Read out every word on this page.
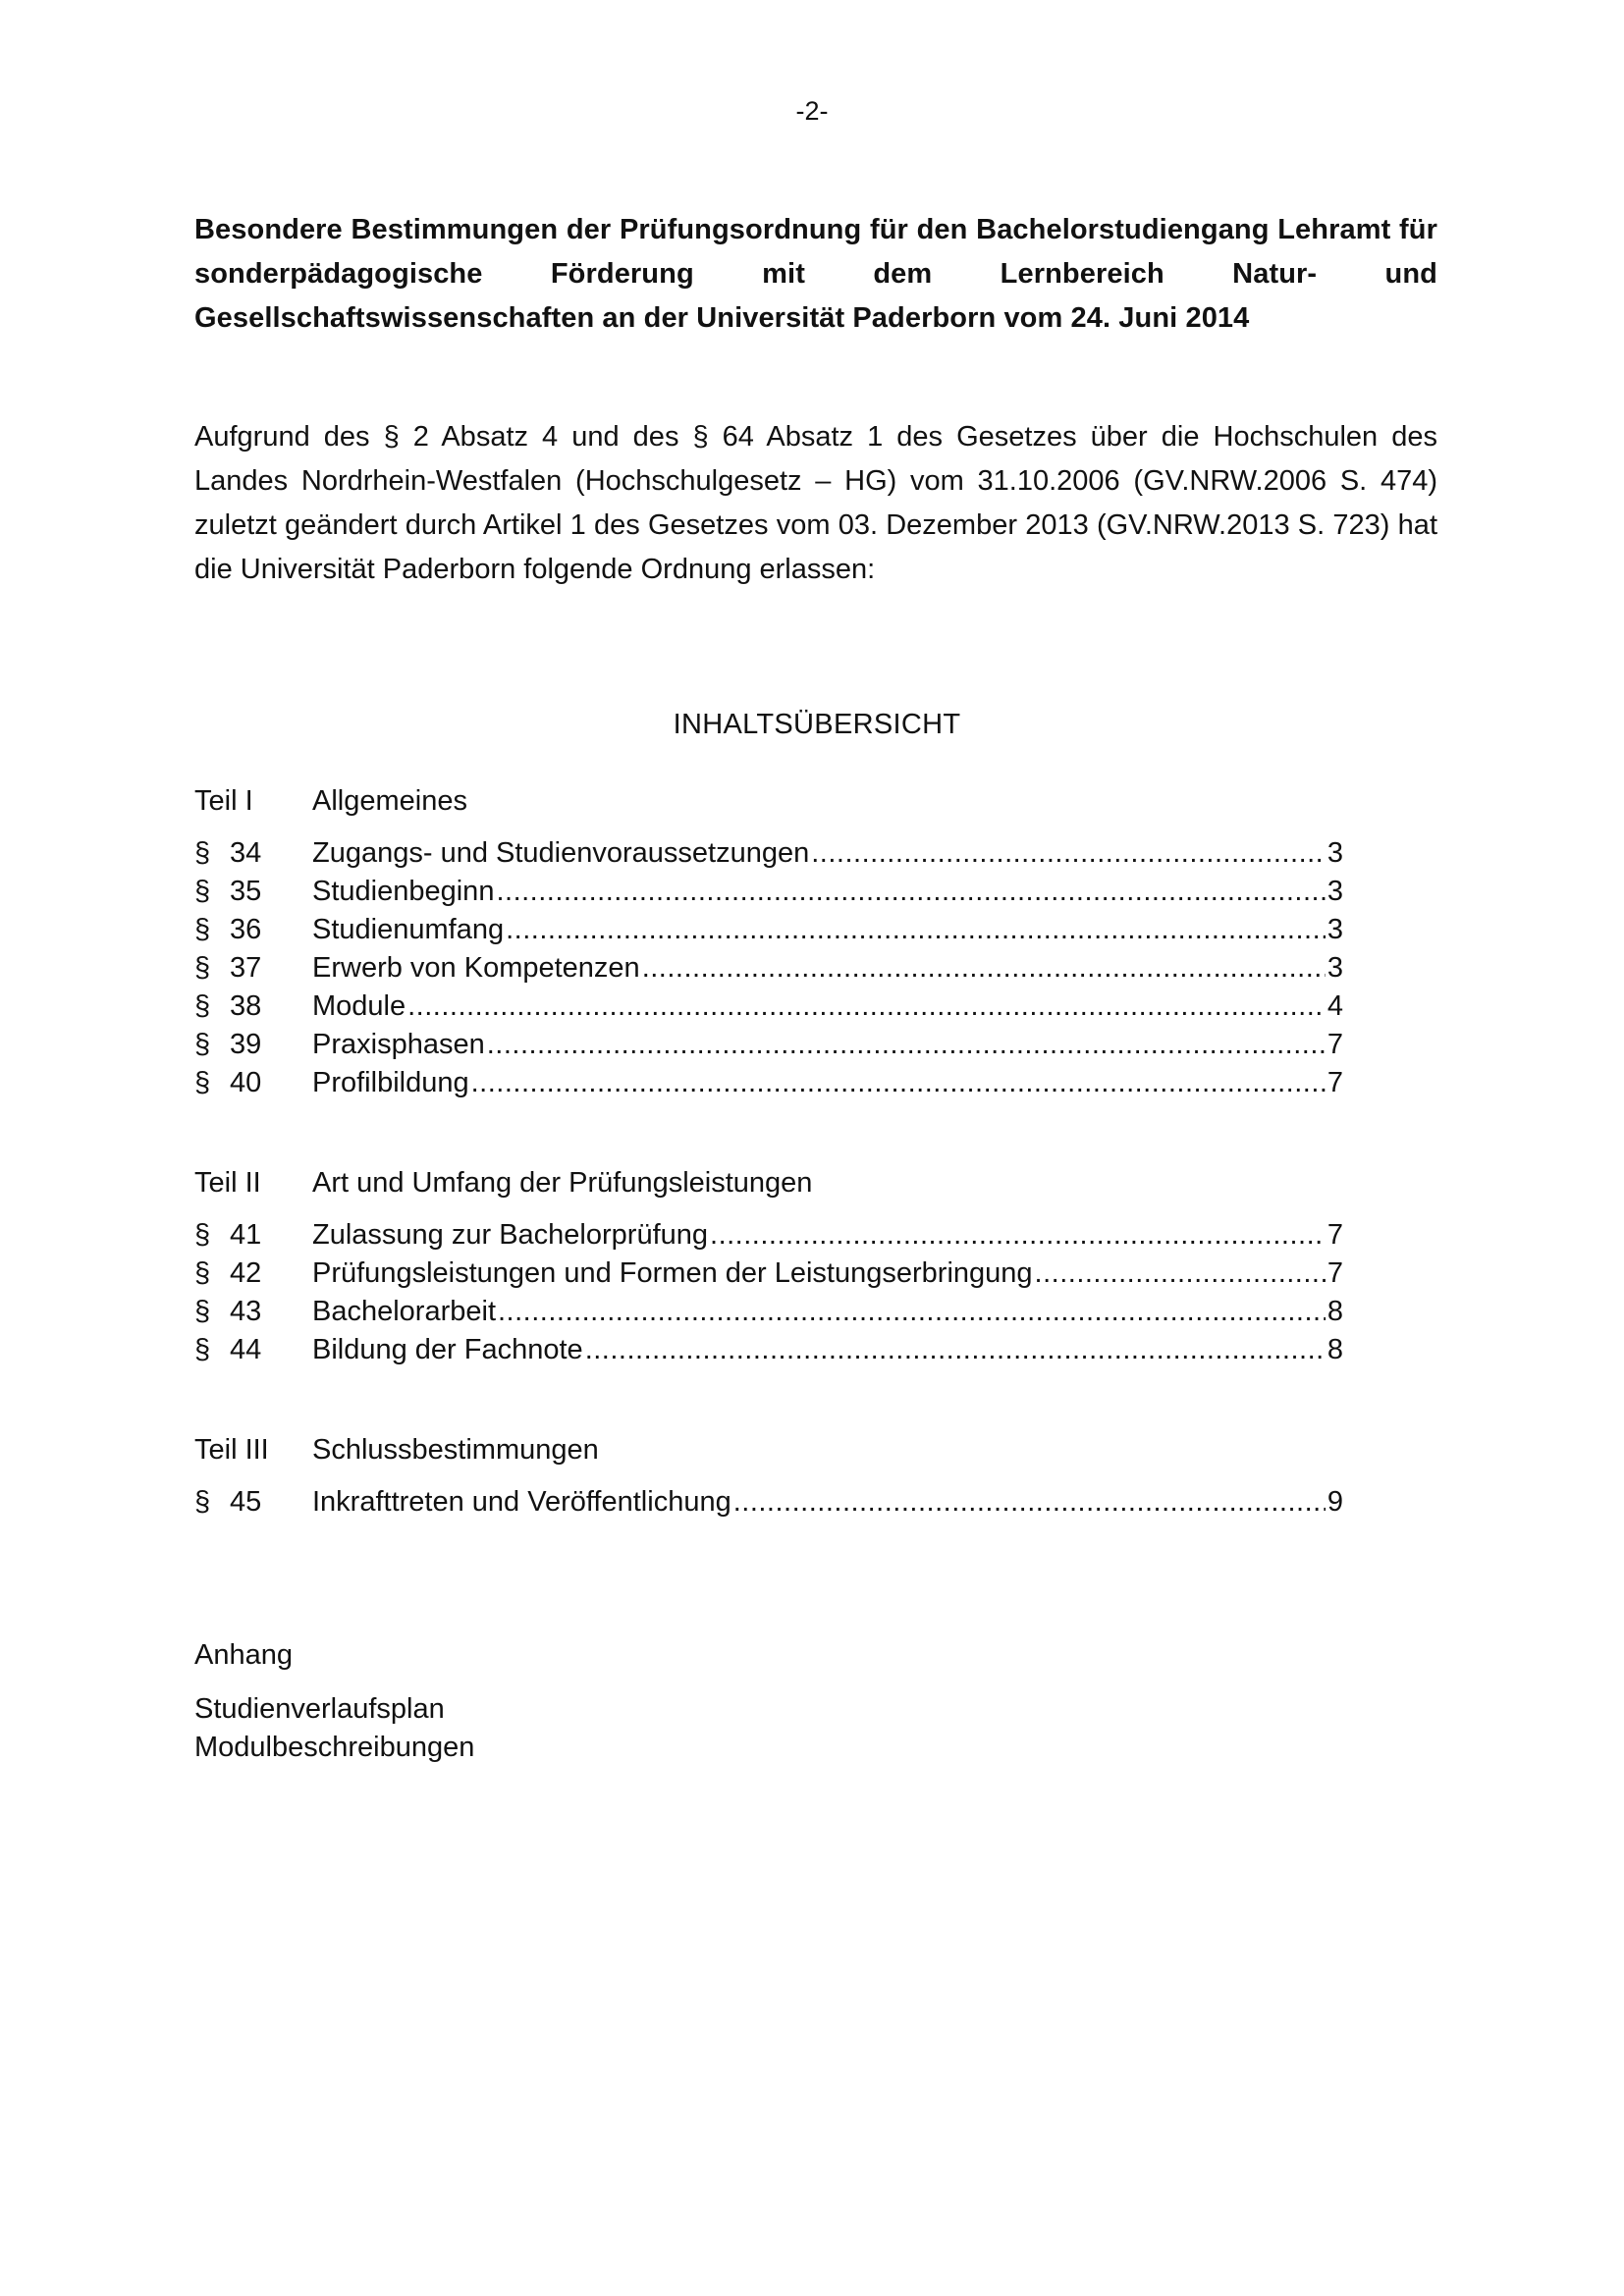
-2-

Besondere Bestimmungen der Prüfungsordnung für den Bachelorstudiengang Lehramt für sonderpädagogische Förderung mit dem Lernbereich Natur- und Gesellschaftswissenschaften an der Universität Paderborn vom 24. Juni 2014

Aufgrund des § 2 Absatz 4 und des § 64 Absatz 1 des Gesetzes über die Hochschulen des Landes Nordrhein-Westfalen (Hochschulgesetz – HG) vom 31.10.2006 (GV.NRW.2006 S. 474) zuletzt geändert durch Artikel 1 des Gesetzes vom 03. Dezember 2013 (GV.NRW.2013 S. 723) hat die Universität Paderborn folgende Ordnung erlassen:

INHALTSÜBERSICHT
Teil I	Allgemeines
§ 34	Zugangs- und Studienvoraussetzungen .....	3
§ 35	Studienbeginn .....	3
§ 36	Studienumfang .....	3
§ 37	Erwerb von Kompetenzen .....	3
§ 38	Module .....	4
§ 39	Praxisphasen .....	7
§ 40	Profilbildung .....	7
Teil II	Art und Umfang der Prüfungsleistungen
§ 41	Zulassung zur Bachelorprüfung .....	7
§ 42	Prüfungsleistungen und Formen der Leistungserbringung .....	7
§ 43	Bachelorarbeit .....	8
§ 44	Bildung der Fachnote .....	8
Teil III	Schlussbestimmungen
§ 45	Inkrafttreten und Veröffentlichung .....	9
Anhang
Studienverlaufsplan
Modulbeschreibungen
